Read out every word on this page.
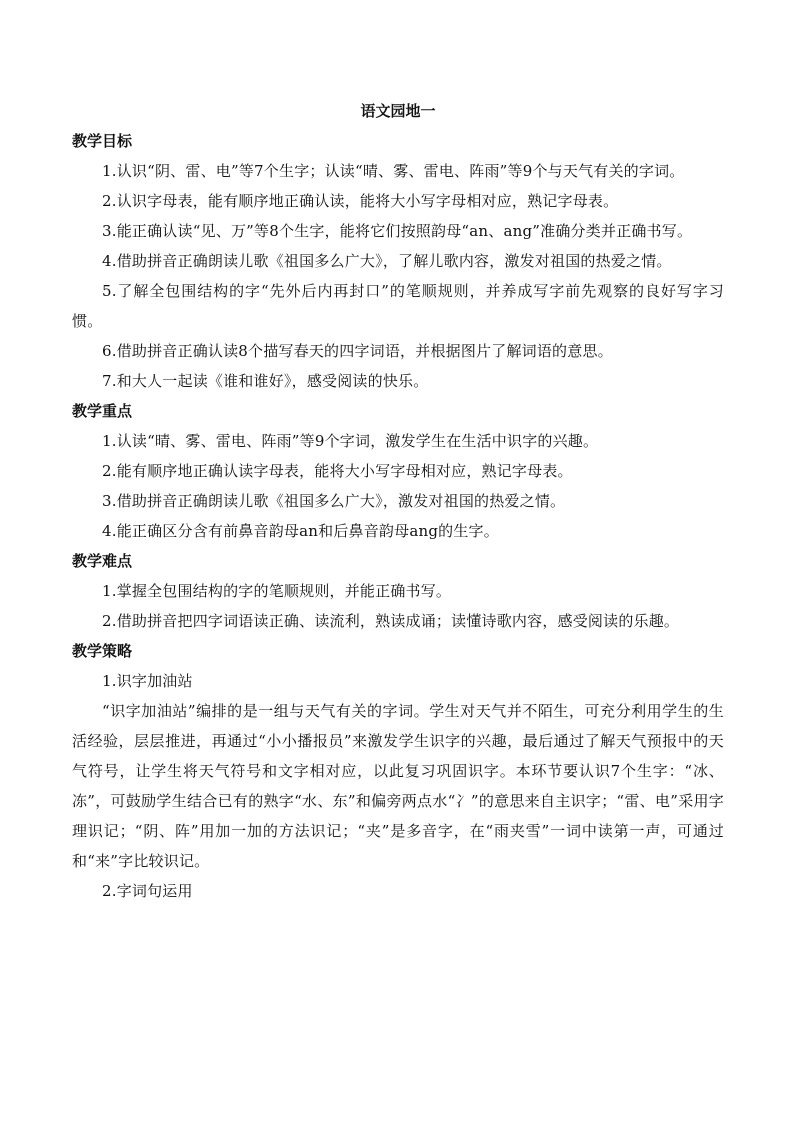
语文园地一
教学目标

1.认识“阴、雷、电”等7个生字；认读“晴、雾、雷电、阵雨”等9个与天气有关的字词。

2.认识字母表，能有顺序地正确认读，能将大小写字母相对应，熟记字母表。

3.能正确认读“见、万”等8个生字，能将它们按照韵母“an、ang”准确分类并正确书写。

4.借助拼音正确朗读儿歌《祖国多么广大》，了解儿歌内容，激发对祖国的热爱之情。

5.了解全包围结构的字“先外后内再封口”的笔顺规则，并养成写字前先观察的良好写字习惯。

6.借助拼音正确认读8个描写春天的四字词语，并根据图片了解词语的意思。

7.和大人一起读《谁和谁好》，感受阅读的快乐。

教学重点

1.认读“晴、雾、雷电、阵雨”等9个字词，激发学生在生活中识字的兴趣。

2.能有顺序地正确认读字母表，能将大小写字母相对应，熟记字母表。

3.借助拼音正确朗读儿歌《祖国多么广大》，激发对祖国的热爱之情。

4.能正确区分含有前鼻音韵母an和后鼻音韵母ang的生字。

教学难点

1.掌握全包围结构的字的笔顺规则，并能正确书写。

2.借助拼音把四字词语读正确、读流利，熟读成诵；读懂诗歌内容，感受阅读的乐趣。

教学策略

1.识字加油站

“识字加油站”编排的是一组与天气有关的字词。学生对天气并不陌生，可充分利用学生的生活经验，层层推进，再通过“小小播报员”来激发学生识字的兴趣，最后通过了解天气预报中的天气符号，让学生将天气符号和文字相对应，以此复习巩固识字。本环节要认识7个生字：“冰、冻”，可鼓励学生结合已有的熟字“水、东”和偏旁两点水“冫”的意思来自主识字；“雷、电”采用字理识记；“阴、阵”用加一加的方法识记；“夹”是多音字，在“雨夹雪”一词中读第一声，可通过和“来”字比较识记。

2.字词句运用
